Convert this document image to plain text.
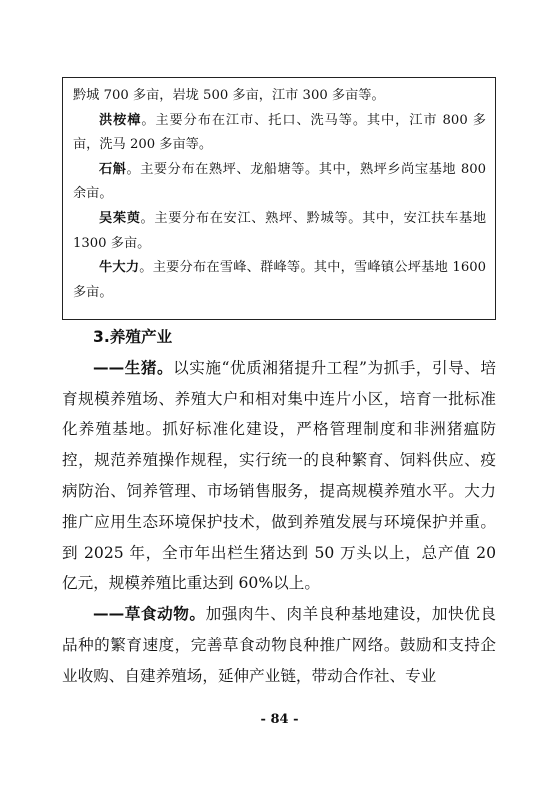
黔城 700 多亩，岩垅 500 多亩，江市 300 多亩等。

洪桉樟。主要分布在江市、托口、洗马等。其中，江市 800 多亩，洗马 200 多亩等。

石斛。主要分布在熟坪、龙船塘等。其中，熟坪乡尚宝基地 800 余亩。

吴茱萸。主要分布在安江、熟坪、黔城等。其中，安江扶车基地 1300 多亩。

牛大力。主要分布在雪峰、群峰等。其中，雪峰镇公坪基地 1600 多亩。

3.养殖产业

——生猪。以实施“优质湘猪提升工程”为抓手，引导、培育规模养殖场、养殖大户和相对集中连片小区，培育一批标准化养殖基地。抓好标准化建设，严格管理制度和非洲猪瘟防控，规范养殖操作规程，实行统一的良种繁育、饲料供应、疫病防治、饲养管理、市场销售服务，提高规模养殖水平。大力推广应用生态环境保护技术，做到养殖发展与环境保护并重。到 2025 年，全市年出栏生猪达到 50 万头以上，总产值 20 亿元，规模养殖比重达到 60%以上。

——草食动物。加强肉牛、肉羊良种基地建设，加快优良品种的繁育速度，完善草食动物良种推广网络。鼓励和支持企业收购、自建养殖场，延伸产业链，带动合作社、专业

- 84 -
